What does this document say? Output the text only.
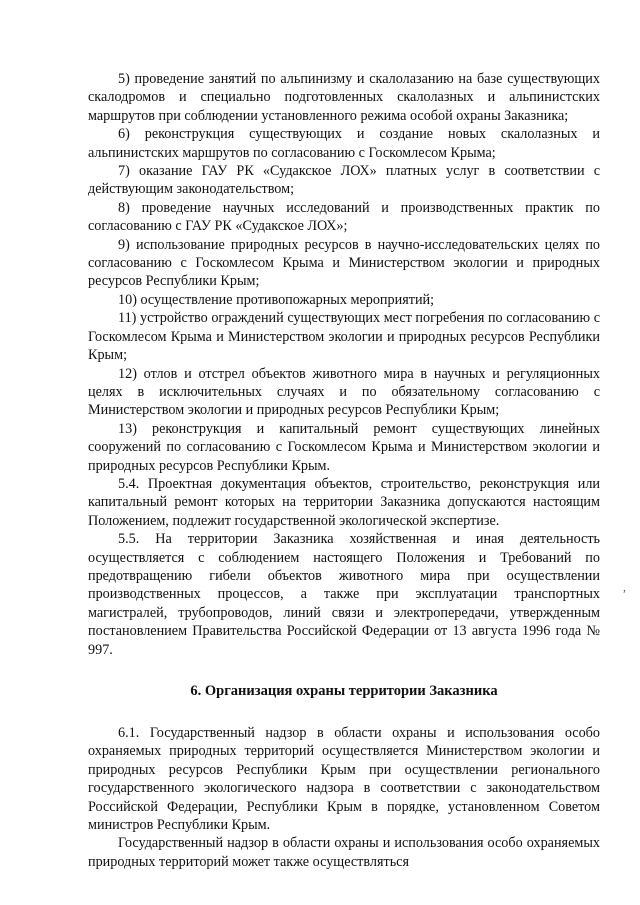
5) проведение занятий по альпинизму и скалолазанию на базе существующих скалодромов и специально подготовленных скалолазных и альпинистских маршрутов при соблюдении установленного режима особой охраны Заказника;

6) реконструкция существующих и создание новых скалолазных и альпинистских маршрутов по согласованию с Госкомлесом Крыма;

7) оказание ГАУ РК «Судакское ЛОХ» платных услуг в соответствии с действующим законодательством;

8) проведение научных исследований и производственных практик по согласованию с ГАУ РК «Судакское ЛОХ»;

9) использование природных ресурсов в научно-исследовательских целях по согласованию с Госкомлесом Крыма и Министерством экологии и природных ресурсов Республики Крым;

10) осуществление противопожарных мероприятий;

11) устройство ограждений существующих мест погребения по согласованию с Госкомлесом Крыма и Министерством экологии и природных ресурсов Республики Крым;

12) отлов и отстрел объектов животного мира в научных и регуляционных целях в исключительных случаях и по обязательному согласованию с Министерством экологии и природных ресурсов Республики Крым;

13) реконструкция и капитальный ремонт существующих линейных сооружений по согласованию с Госкомлесом Крыма и Министерством экологии и природных ресурсов Республики Крым.

5.4. Проектная документация объектов, строительство, реконструкция или капитальный ремонт которых на территории Заказника допускаются настоящим Положением, подлежит государственной экологической экспертизе.

5.5. На территории Заказника хозяйственная и иная деятельность осуществляется с соблюдением настоящего Положения и Требований по предотвращению гибели объектов животного мира при осуществлении производственных процессов, а также при эксплуатации транспортных магистралей, трубопроводов, линий связи и электропередачи, утвержденным постановлением Правительства Российской Федерации от 13 августа 1996 года № 997.

6. Организация охраны территории Заказника

6.1. Государственный надзор в области охраны и использования особо охраняемых природных территорий осуществляется Министерством экологии и природных ресурсов Республики Крым при осуществлении регионального государственного экологического надзора в соответствии с законодательством Российской Федерации, Республики Крым в порядке, установленном Советом министров Республики Крым.

Государственный надзор в области охраны и использования особо охраняемых природных территорий может также осуществляться

,
